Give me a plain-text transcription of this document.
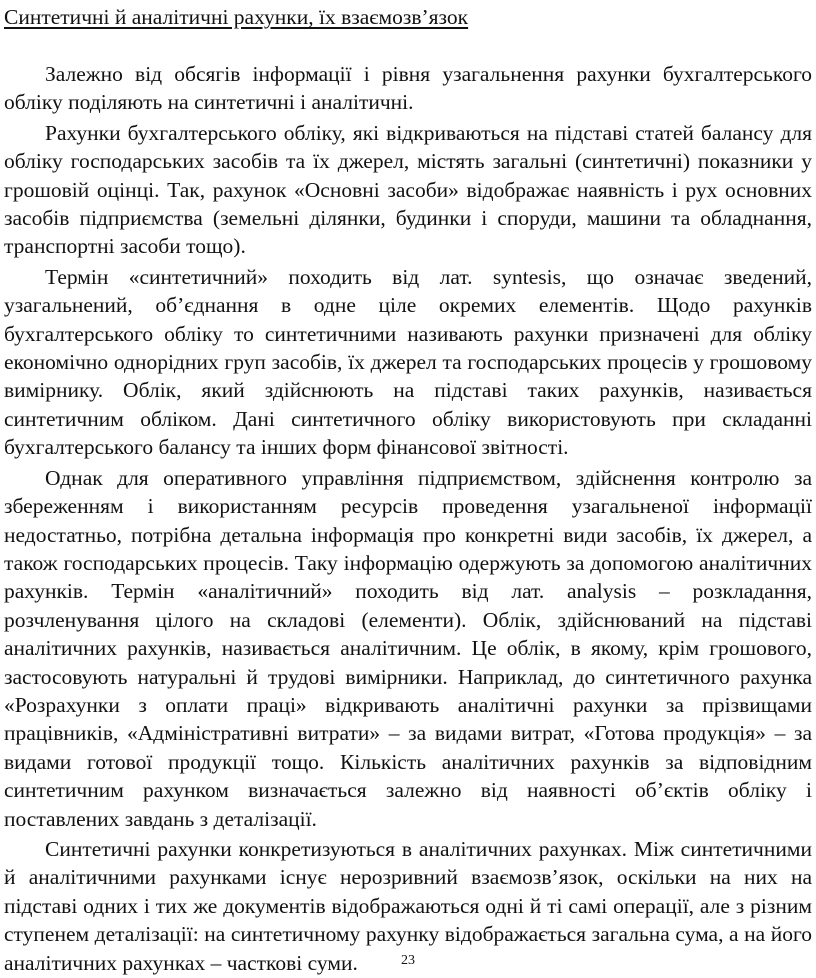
Синтетичні й аналітичні рахунки, їх взаємозв’язок

Залежно від обсягів інформації і рівня узагальнення рахунки бухгалтерського обліку поділяють на синтетичні і аналітичні.

Рахунки бухгалтерського обліку, які відкриваються на підставі статей балансу для обліку господарських засобів та їх джерел, містять загальні (синтетичні) показники у грошовій оцінці. Так, рахунок «Основні засоби» відображає наявність і рух основних засобів підприємства (земельні ділянки, будинки і споруди, машини та обладнання, транспортні засоби тощо).

Термін «синтетичний» походить від лат. syntesis, що означає зведений, узагальнений, об’єднання в одне ціле окремих елементів. Щодо рахунків бухгалтерського обліку то синтетичними називають рахунки призначені для обліку економічно однорідних груп засобів, їх джерел та господарських процесів у грошовому вимірнику. Облік, який здійснюють на підставі таких рахунків, називається синтетичним обліком. Дані синтетичного обліку використовують при складанні бухгалтерського балансу та інших форм фінансової звітності.

Однак для оперативного управління підприємством, здійснення контролю за збереженням і використанням ресурсів проведення узагальненої інформації недостатньо, потрібна детальна інформація про конкретні види засобів, їх джерел, а також господарських процесів. Таку інформацію одержують за допомогою аналітичних рахунків. Термін «аналітичний» походить від лат. analysis – розкладання, розчленування цілого на складові (елементи). Облік, здійснюваний на підставі аналітичних рахунків, називається аналітичним. Це облік, в якому, крім грошового, застосовують натуральні й трудові вимірники. Наприклад, до синтетичного рахунка «Розрахунки з оплати праці» відкривають аналітичні рахунки за прізвищами працівників, «Адміністративні витрати» – за видами витрат, «Готова продукція» – за видами готової продукції тощо. Кількість аналітичних рахунків за відповідним синтетичним рахунком визначається залежно від наявності об’єктів обліку і поставлених завдань з деталізації.

Синтетичні рахунки конкретизуються в аналітичних рахунках. Між синтетичними й аналітичними рахунками існує нерозривний взаємозв’язок, оскільки на них на підставі одних і тих же документів відображаються одні й ті самі операції, але з різним ступенем деталізації: на синтетичному рахунку відображається загальна сума, а на його аналітичних рахунках – часткові суми.	23
